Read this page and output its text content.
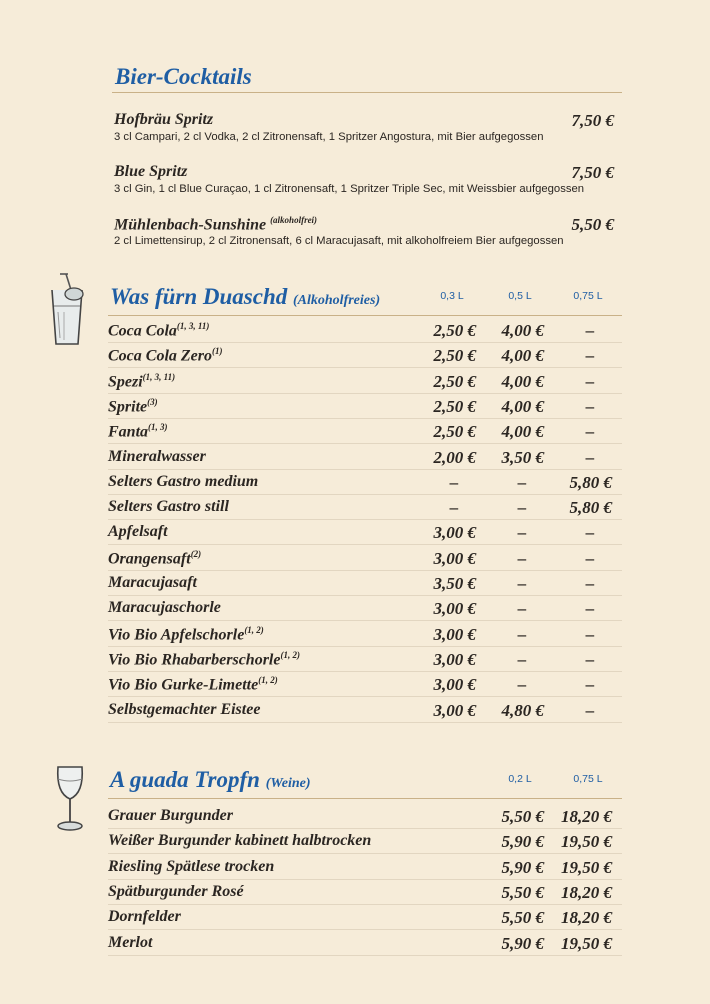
Bier-Cocktails
Hofbräu Spritz	7,50 €
3 cl Campari, 2 cl Vodka, 2 cl Zitronensaft, 1 Spritzer Angostura, mit Bier aufgegossen
Blue Spritz	7,50 €
3 cl Gin, 1 cl Blue Curaçao, 1 cl Zitronensaft, 1 Spritzer Triple Sec, mit Weissbier aufgegossen
Mühlenbach-Sunshine $^{(alkoholfrei)}$	5,50 €
2 cl Limettensirup, 2 cl Zitronensaft, 6 cl Maracujasaft, mit alkoholfreiem Bier aufgegossen
Was fürn Duaschd (Alkoholfreies)	0,3 L	0,5 L	0,75 L
Coca Cola$^{(1, 3, 11)}$	2,50 €	4,00 €	–
Coca Cola Zero$^{(1)}$	2,50 €	4,00 €	–
Spezi$^{(1, 3, 11)}$	2,50 €	4,00 €	–
Sprite$^{(3)}$	2,50 €	4,00 €	–
Fanta$^{(1, 3)}$	2,50 €	4,00 €	–
Mineralwasser	2,00 €	3,50 €	–
Selters Gastro medium	–	–	5,80 €
Selters Gastro still	–	–	5,80 €
Apfelsaft	3,00 €	–	–
Orangensaft$^{(2)}$	3,00 €	–	–
Maracujasaft	3,50 €	–	–
Maracujaschorle	3,00 €	–	–
Vio Bio Apfelschorle$^{(1, 2)}$	3,00 €	–	–
Vio Bio Rhabarberschorle$^{(1, 2)}$	3,00 €	–	–
Vio Bio Gurke-Limette$^{(1, 2)}$	3,00 €	–	–
Selbstgemachter Eistee	3,00 €	4,80 €	–
A guada Tropfn (Weine)	0,2 L	0,75 L
Grauer Burgunder	5,50 €	18,20 €
Weißer Burgunder kabinett halbtrocken	5,90 €	19,50 €
Riesling Spätlese trocken	5,90 €	19,50 €
Spätburgunder Rosé	5,50 €	18,20 €
Dornfelder	5,50 €	18,20 €
Merlot	5,90 €	19,50 €
